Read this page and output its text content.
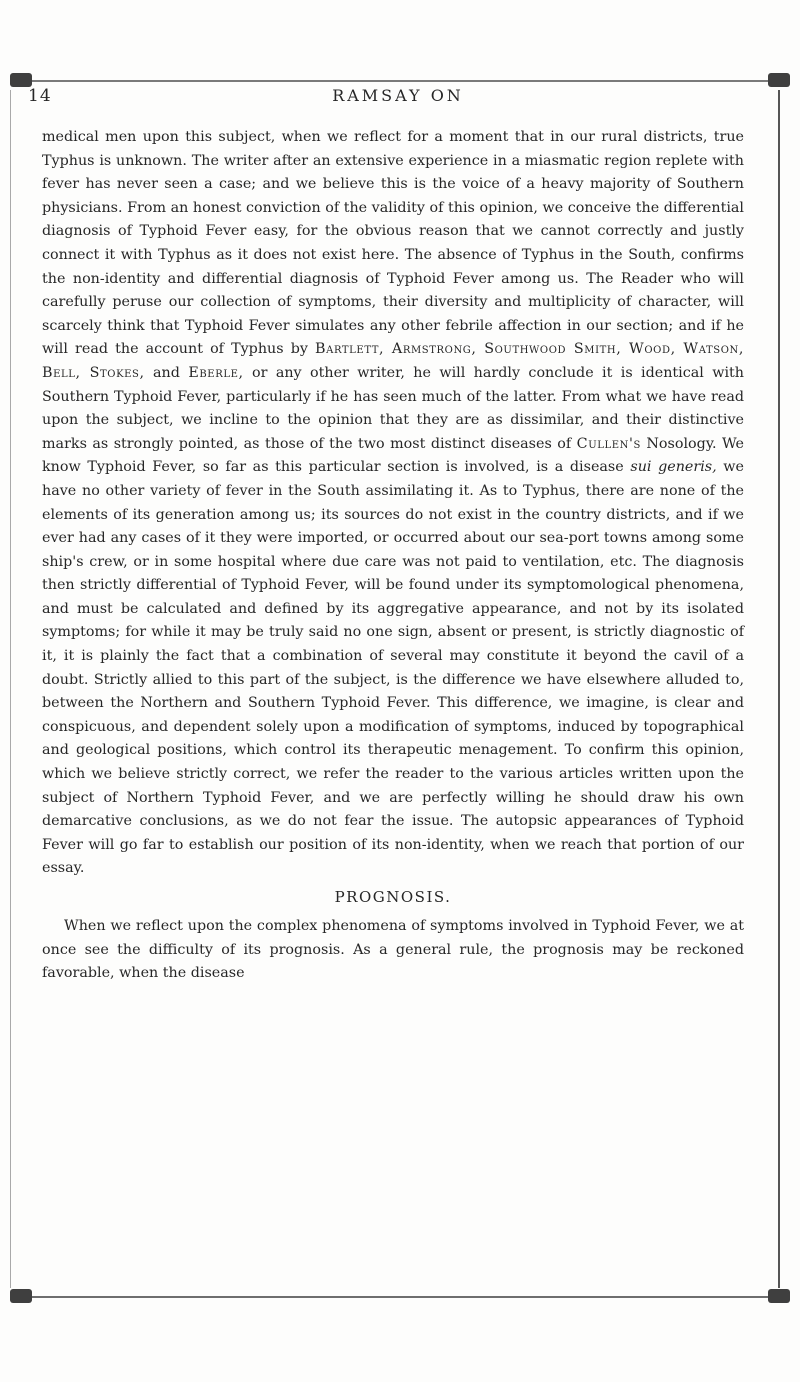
14	RAMSAY ON

medical men upon this subject, when we reflect for a moment that in our rural districts, true Typhus is unknown. The writer after an extensive experience in a miasmatic region replete with fever has never seen a case; and we believe this is the voice of a heavy majority of Southern physicians. From an honest conviction of the validity of this opinion, we conceive the differential diagnosis of Typhoid Fever easy, for the obvious reason that we cannot correctly and justly connect it with Typhus as it does not exist here. The absence of Typhus in the South, confirms the non-identity and differential diagnosis of Typhoid Fever among us. The Reader who will carefully peruse our collection of symptoms, their diversity and multiplicity of character, will scarcely think that Typhoid Fever simulates any other febrile affection in our section; and if he will read the account of Typhus by Bartlett, Armstrong, Southwood Smith, Wood, Watson, Bell, Stokes, and Eberle, or any other writer, he will hardly conclude it is identical with Southern Typhoid Fever, particularly if he has seen much of the latter. From what we have read upon the subject, we incline to the opinion that they are as dissimilar, and their distinctive marks as strongly pointed, as those of the two most distinct diseases of Cullen's Nosology. We know Typhoid Fever, so far as this particular section is involved, is a disease sui generis, we have no other variety of fever in the South assimilating it. As to Typhus, there are none of the elements of its generation among us; its sources do not exist in the country districts, and if we ever had any cases of it they were imported, or occurred about our sea-port towns among some ship's crew, or in some hospital where due care was not paid to ventilation, etc. The diagnosis then strictly differential of Typhoid Fever, will be found under its symptomological phenomena, and must be calculated and defined by its aggregative appearance, and not by its isolated symptoms; for while it may be truly said no one sign, absent or present, is strictly diagnostic of it, it is plainly the fact that a combination of several may constitute it beyond the cavil of a doubt. Strictly allied to this part of the subject, is the difference we have elsewhere alluded to, between the Northern and Southern Typhoid Fever. This difference, we imagine, is clear and conspicuous, and dependent solely upon a modification of symptoms, induced by topographical and geological positions, which control its therapeutic menagement. To confirm this opinion, which we believe strictly correct, we refer the reader to the various articles written upon the subject of Northern Typhoid Fever, and we are perfectly willing he should draw his own demarcative conclusions, as we do not fear the issue. The autopsic appearances of Typhoid Fever will go far to establish our position of its non-identity, when we reach that portion of our essay.

PROGNOSIS.

When we reflect upon the complex phenomena of symptoms involved in Typhoid Fever, we at once see the difficulty of its prognosis. As a general rule, the prognosis may be reckoned favorable, when the disease
